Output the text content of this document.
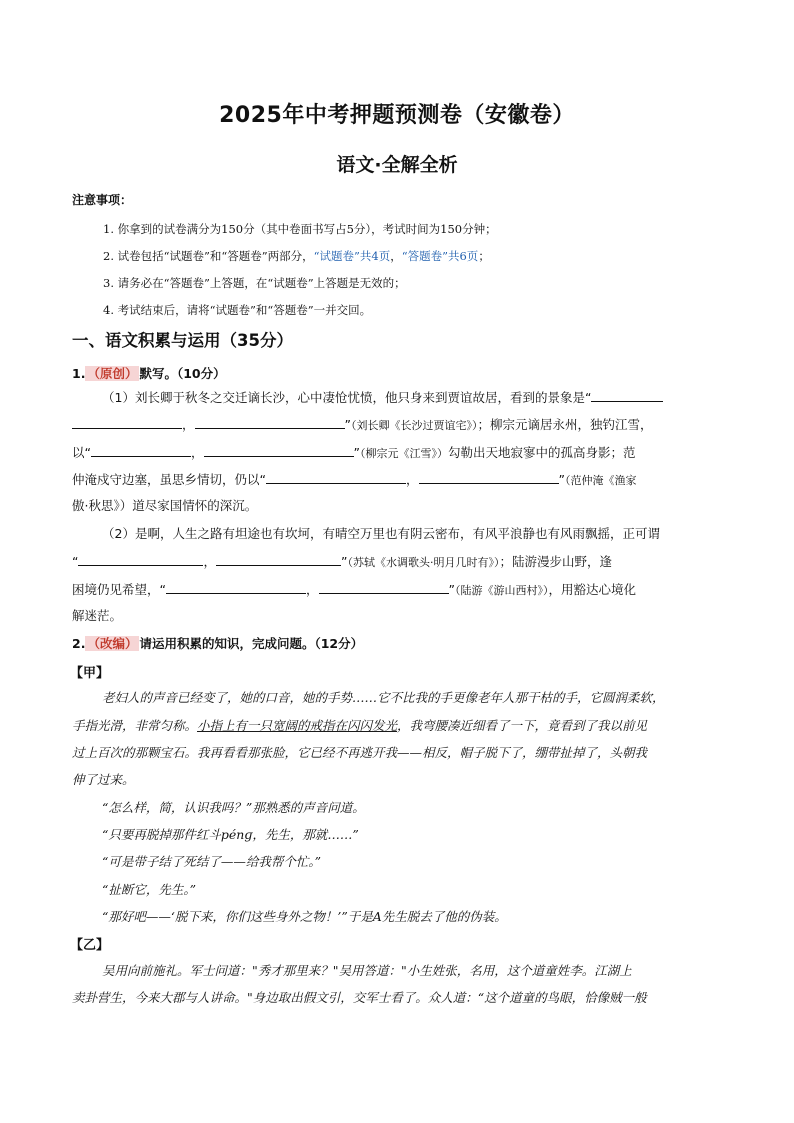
2025年中考押题预测卷（安徽卷）
语文·全解全析
注意事项：
1. 你拿到的试卷满分为150分（其中卷面书写占5分），考试时间为150分钟；
2. 试卷包括“试题卷”和“答题卷”两部分，“试题卷”共4页，“答题卷”共6页；
3. 请务必在“答题卷”上答题，在“试题卷”上答题是无效的；
4. 考试结束后，请将“试题卷”和“答题卷”一并交回。
一、语文积累与运用（35分）
1. （原创） 默写。（10分）
（1）刘长卿于秋冬之交迁谪长沙，心中凄怆忧愤，他只身来到贾谊故居，看到的景象是“
，	”（刘长卿《长沙过贾谊宅》）；柳宗元谪居永州，独钓江雪，
以“	，	”（柳宗元《江雪》）勾勒出天地寂寥中的孤高身影；范
仲淹戍守边塞，虽思乡情切，仍以“	，	”（范仲淹《渔家
傲·秋思》）道尽家国情怀的深沉。
（2）是啊，人生之路有坦途也有坎坷，有晴空万里也有阴云密布，有风平浪静也有风雨飘摇，正可谓
“	，	”（苏轼《水调歌头·明月几时有》）；陆游漫步山野，逢
困境仍见希望，“	，	”（陆游《游山西村》），用豁达心境化
解迷茫。
2. （改编） 请运用积累的知识，完成问题。（12分）
【甲】
老妇人的声音已经变了，她的口音，她的手势……它不比我的手更像老年人那干枯的手，它圆润柔软，
手指光滑，非常匀称。小指上有一只宽阔的戒指在闪闪发光，我弯腰凑近细看了一下，竟看到了我以前见
过上百次的那颗宝石。我再看看那张脸，它已经不再逃开我——相反，帽子脱下了，绷带扯掉了，头朝我
伸了过来。
“怎么样，简，认识我吗？”那熟悉的声音问道。
“只要再脱掉那件红斗pénɡ，先生，那就……”
“可是带子结了死结了——给我帮个忙。”
“扯断它，先生。”
“那好吧——‘脱下来，你们这些身外之物！’”于是A先生脱去了他的伪装。
【乙】
吴用向前施礼。军士问道："秀才那里来？"吴用答道："小生姓张，名用，这个道童姓李。江湖上
卖卦营生，今来大郡与人讲命。"身边取出假文引，交军士看了。众人道：“这个道童的鸟眼，恰像贼一般
